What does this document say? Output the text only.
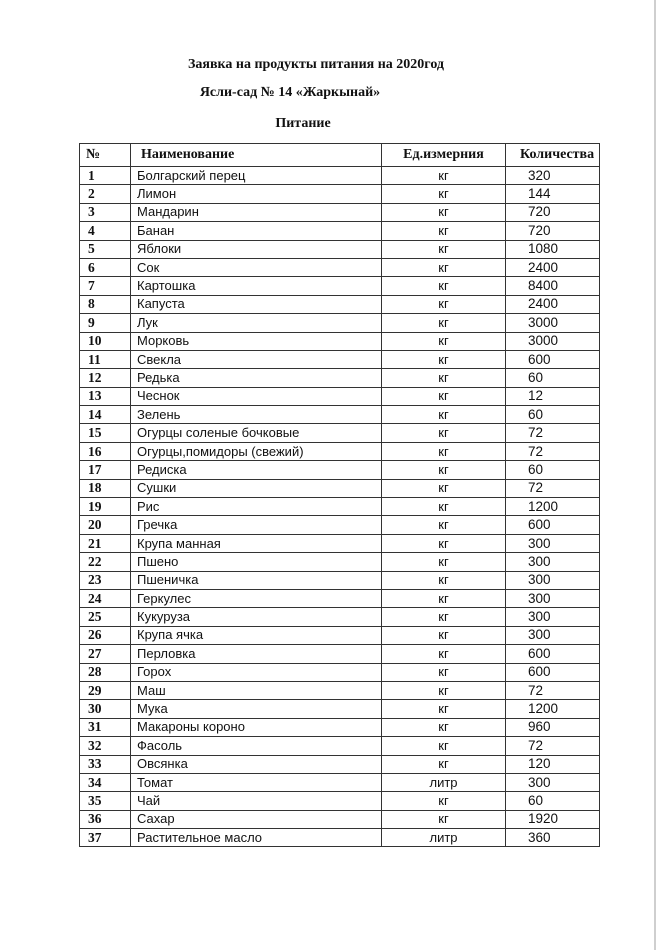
Заявка на продукты питания на 2020год
Ясли-сад № 14 «Жаркынай»
Питание
№	Наименование	Ед.измерния	Количества
1	Болгарский перец	кг	320
2	Лимон	кг	144
3	Мандарин	кг	720
4	Банан	кг	720
5	Яблоки	кг	1080
6	Сок	кг	2400
7	Картошка	кг	8400
8	Капуста	кг	2400
9	Лук	кг	3000
10	Морковь	кг	3000
11	Свекла	кг	600
12	Редька	кг	60
13	Чеснок	кг	12
14	Зелень	кг	60
15	Огурцы соленые бочковые	кг	72
16	Огурцы,помидоры (свежий)	кг	72
17	Редиска	кг	60
18	Сушки	кг	72
19	Рис	кг	1200
20	Гречка	кг	600
21	Крупа манная	кг	300
22	Пшено	кг	300
23	Пшеничка	кг	300
24	Геркулес	кг	300
25	Кукуруза	кг	300
26	Крупа ячка	кг	300
27	Перловка	кг	600
28	Горох	кг	600
29	Маш	кг	72
30	Мука	кг	1200
31	Макароны короно	кг	960
32	Фасоль	кг	72
33	Овсянка	кг	120
34	Томат	литр	300
35	Чай	кг	60
36	Сахар	кг	1920
37	Растительное масло	литр	360
